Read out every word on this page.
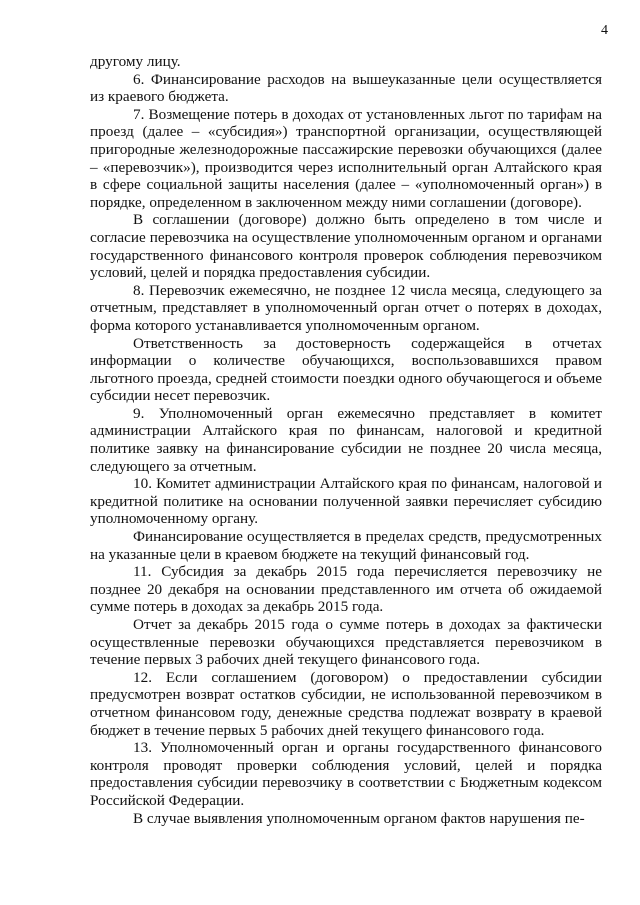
4

другому лицу.

6. Финансирование расходов на вышеуказанные цели осуществляется из краевого бюджета.

7. Возмещение потерь в доходах от установленных льгот по тарифам на проезд (далее – «субсидия») транспортной организации, осуществляющей пригородные железнодорожные пассажирские перевозки обучающихся (далее – «перевозчик»), производится через исполнительный орган Алтайского края в сфере социальной защиты населения (далее – «уполномоченный орган») в порядке, определенном в заключенном между ними соглашении (договоре).

В соглашении (договоре) должно быть определено в том числе и согласие перевозчика на осуществление уполномоченным органом и органами государственного финансового контроля проверок соблюдения перевозчиком условий, целей и порядка предоставления субсидии.

8. Перевозчик ежемесячно, не позднее 12 числа месяца, следующего за отчетным, представляет в уполномоченный орган отчет о потерях в доходах, форма которого устанавливается уполномоченным органом.

Ответственность за достоверность содержащейся в отчетах информации о количестве обучающихся, воспользовавшихся правом льготного проезда, средней стоимости поездки одного обучающегося и объеме субсидии несет перевозчик.

9. Уполномоченный орган ежемесячно представляет в комитет администрации Алтайского края по финансам, налоговой и кредитной политике заявку на финансирование субсидии не позднее 20 числа месяца, следующего за отчетным.

10. Комитет администрации Алтайского края по финансам, налоговой и кредитной политике на основании полученной заявки перечисляет субсидию уполномоченному органу.

Финансирование осуществляется в пределах средств, предусмотренных на указанные цели в краевом бюджете на текущий финансовый год.

11. Субсидия за декабрь 2015 года перечисляется перевозчику не позднее 20 декабря на основании представленного им отчета об ожидаемой сумме потерь в доходах за декабрь 2015 года.

Отчет за декабрь 2015 года о сумме потерь в доходах за фактически осуществленные перевозки обучающихся представляется перевозчиком в течение первых 3 рабочих дней текущего финансового года.

12. Если соглашением (договором) о предоставлении субсидии предусмотрен возврат остатков субсидии, не использованной перевозчиком в отчетном финансовом году, денежные средства подлежат возврату в краевой бюджет в течение первых 5 рабочих дней текущего финансового года.

13. Уполномоченный орган и органы государственного финансового контроля проводят проверки соблюдения условий, целей и порядка предоставления субсидии перевозчику в соответствии с Бюджетным кодексом Российской Федерации.

В случае выявления уполномоченным органом фактов нарушения пе-
